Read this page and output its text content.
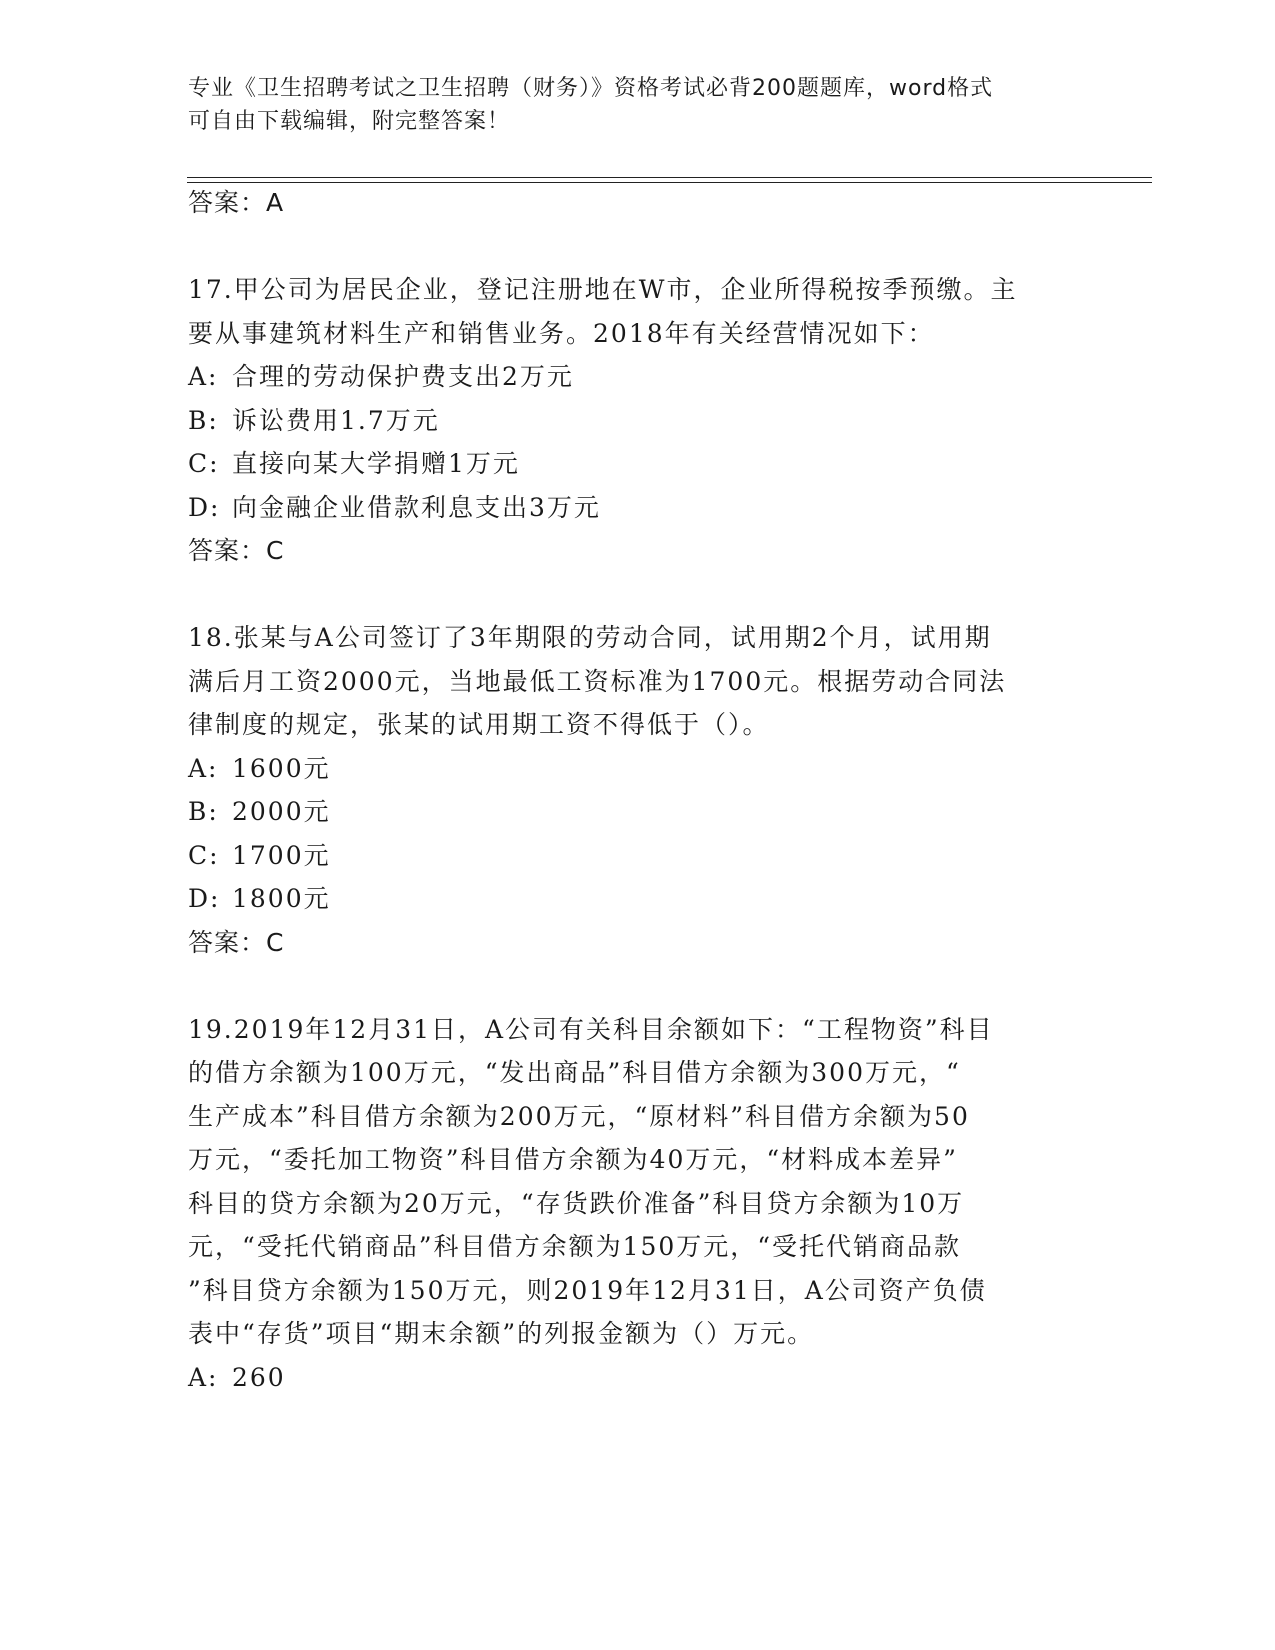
专业《卫生招聘考试之卫生招聘（财务）》资格考试必背200题题库，word格式
可自由下载编辑，附完整答案！
答案：A
17.甲公司为居民企业，登记注册地在W市，企业所得税按季预缴。主
要从事建筑材料生产和销售业务。2018年有关经营情况如下：
A: 合理的劳动保护费支出2万元
B: 诉讼费用1.7万元
C: 直接向某大学捐赠1万元
D: 向金融企业借款利息支出3万元
答案：C
18.张某与A公司签订了3年期限的劳动合同，试用期2个月，试用期
满后月工资2000元，当地最低工资标准为1700元。根据劳动合同法
律制度的规定，张某的试用期工资不得低于（）。
A: 1600元
B: 2000元
C: 1700元
D: 1800元
答案：C
19.2019年12月31日，A公司有关科目余额如下：“工程物资”科目
的借方余额为100万元，“发出商品”科目借方余额为300万元，“
生产成本”科目借方余额为200万元，“原材料”科目借方余额为50
万元，“委托加工物资”科目借方余额为40万元，“材料成本差异”
科目的贷方余额为20万元，“存货跌价准备”科目贷方余额为10万
元，“受托代销商品”科目借方余额为150万元，“受托代销商品款
”科目贷方余额为150万元，则2019年12月31日，A公司资产负债
表中“存货”项目“期末余额”的列报金额为（）万元。
A: 260
